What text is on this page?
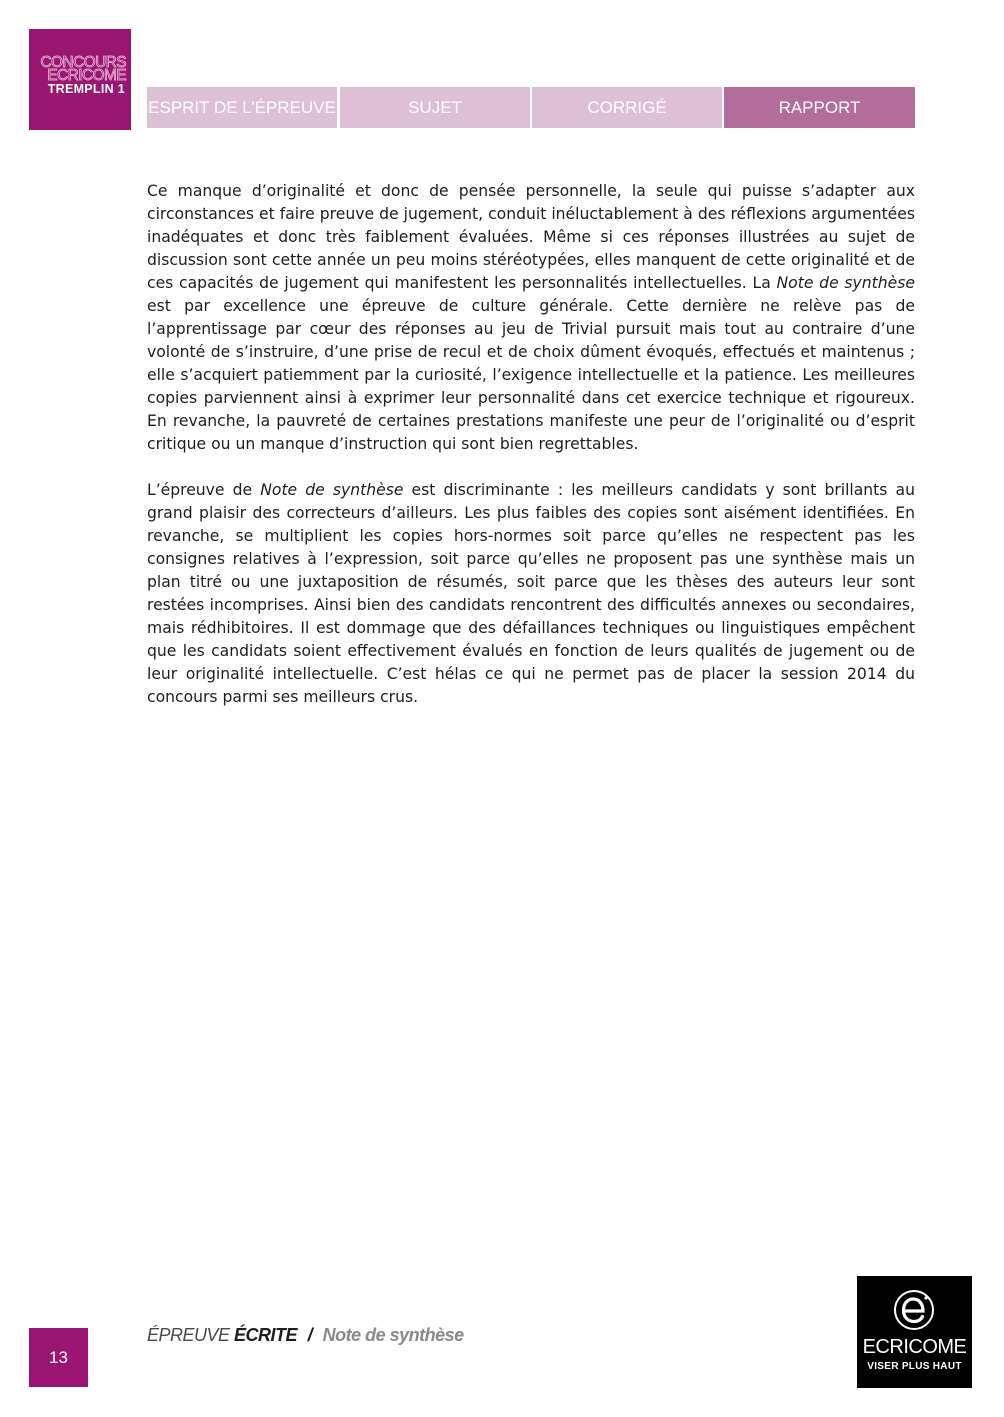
CONCOURS
ECRICOME
TREMPLIN 1
ESPRIT DE L’ÉPREUVE	SUJET	CORRIGÉ	RAPPORT

Ce manque d’originalité et donc de pensée personnelle, la seule qui puisse s’adapter aux circonstances et faire preuve de jugement, conduit inéluctablement à des réflexions argumentées inadéquates et donc très faiblement évaluées. Même si ces réponses illustrées au sujet de discussion sont cette année un peu moins stéréotypées, elles manquent de cette originalité et de ces capacités de jugement qui manifestent les personnalités intellectuelles. La Note de synthèse est par excellence une épreuve de culture générale. Cette dernière ne relève pas de l’apprentissage par cœur des réponses au jeu de Trivial pursuit mais tout au contraire d’une volonté de s’instruire, d’une prise de recul et de choix dûment évoqués, effectués et maintenus ; elle s’acquiert patiemment par la curiosité, l’exigence intellectuelle et la patience. Les meilleures copies parviennent ainsi à exprimer leur personnalité dans cet exercice technique et rigoureux. En revanche, la pauvreté de certaines prestations manifeste une peur de l’originalité ou d’esprit critique ou un manque d’instruction qui sont bien regrettables.

L’épreuve de Note de synthèse est discriminante : les meilleurs candidats y sont brillants au grand plaisir des correcteurs d’ailleurs. Les plus faibles des copies sont aisément identifiées. En revanche, se multiplient les copies hors-normes soit parce qu’elles ne respectent pas les consignes relatives à l’expression, soit parce qu’elles ne proposent pas une synthèse mais un plan titré ou une juxtaposition de résumés, soit parce que les thèses des auteurs leur sont restées incomprises. Ainsi bien des candidats rencontrent des difficultés annexes ou secondaires, mais rédhibitoires. Il est dommage que des défaillances techniques ou linguistiques empêchent que les candidats soient effectivement évalués en fonction de leurs qualités de jugement ou de leur originalité intellectuelle. C’est hélas ce qui ne permet pas de placer la session 2014 du concours parmi ses meilleurs crus.

13
ÉPREUVE ÉCRITE / Note de synthèse
ECRICOME
VISER PLUS HAUT
